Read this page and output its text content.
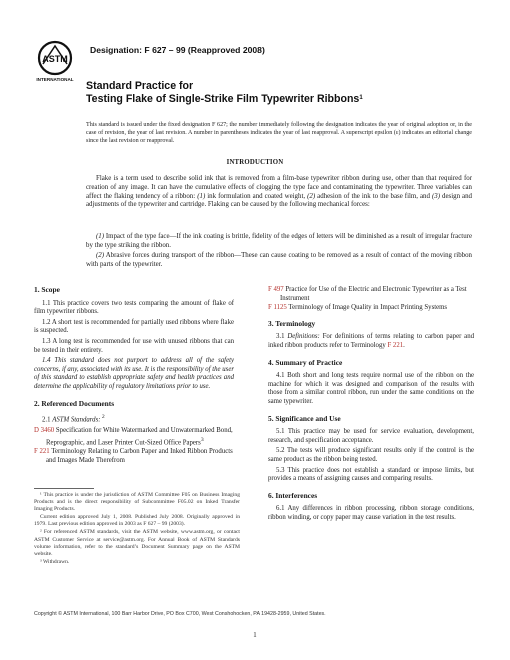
ASTM
INTERNATIONAL
Designation: F 627 – 99 (Reapproved 2008)
Standard Practice for
Testing Flake of Single-Strike Film Typewriter Ribbons$^1$
This standard is issued under the fixed designation F 627; the number immediately following the designation indicates the year of original adoption or, in the case of revision, the year of last revision. A number in parentheses indicates the year of last reapproval. A superscript epsilon (ε) indicates an editorial change since the last revision or reapproval.
INTRODUCTION
Flake is a term used to describe solid ink that is removed from a film-base typewriter ribbon during use, other than that required for creation of any image. It can have the cumulative effects of clogging the type face and contaminating the typewriter. Three variables can affect the flaking tendency of a ribbon: (1) ink formulation and coated weight, (2) adhesion of the ink to the base film, and (3) design and adjustments of the typewriter and cartridge. Flaking can be caused by the following mechanical forces:
(1) Impact of the type face—If the ink coating is brittle, fidelity of the edges of letters will be diminished as a result of irregular fracture by the type striking the ribbon.
(2) Abrasive forces during transport of the ribbon—These can cause coating to be removed as a result of contact of the moving ribbon with parts of the typewriter.
1. Scope
1.1 This practice covers two tests comparing the amount of flake of film typewriter ribbons.
1.2 A short test is recommended for partially used ribbons where flake is suspected.
1.3 A long test is recommended for use with unused ribbons that can be tested in their entirety.
1.4 This standard does not purport to address all of the safety concerns, if any, associated with its use. It is the responsibility of the user of this standard to establish appropriate safety and health practices and determine the applicability of regulatory limitations prior to use.
2. Referenced Documents
2.1 ASTM Standards: $^2$
D 3460 Specification for White Watermarked and Unwatermarked Bond, Reprographic, and Laser Printer Cut-Sized Office Papers$^3$
F 221 Terminology Relating to Carbon Paper and Inked Ribbon Products and Images Made Therefrom
F 497 Practice for Use of the Electric and Electronic Typewriter as a Test Instrument
F 1125 Terminology of Image Quality in Impact Printing Systems
3. Terminology
3.1 Definitions: For definitions of terms relating to carbon paper and inked ribbon products refer to Terminology F 221.
4. Summary of Practice
4.1 Both short and long tests require normal use of the ribbon on the machine for which it was designed and comparison of the results with those from a similar control ribbon, run under the same conditions on the same typewriter.
5. Significance and Use
5.1 This practice may be used for service evaluation, development, research, and specification acceptance.
5.2 The tests will produce significant results only if the control is the same product as the ribbon being tested.
5.3 This practice does not establish a standard or impose limits, but provides a means of assigning causes and comparing results.
6. Interferences
6.1 Any differences in ribbon processing, ribbon storage conditions, ribbon winding, or copy paper may cause variation in the test results.
¹ This practice is under the jurisdiction of ASTM Committee F05 on Business Imaging Products and is the direct responsibility of Subcommittee F05.02 on Inked Transfer Imaging Products.
Current edition approved July 1, 2008. Published July 2008. Originally approved in 1979. Last previous edition approved in 2003 as F 627 – 99 (2003).
² For referenced ASTM standards, visit the ASTM website, www.astm.org, or contact ASTM Customer Service at service@astm.org. For Annual Book of ASTM Standards volume information, refer to the standard’s Document Summary page on the ASTM website.
³ Withdrawn.
Copyright © ASTM International, 100 Barr Harbor Drive, PO Box C700, West Conshohocken, PA 19428-2959, United States.
1
